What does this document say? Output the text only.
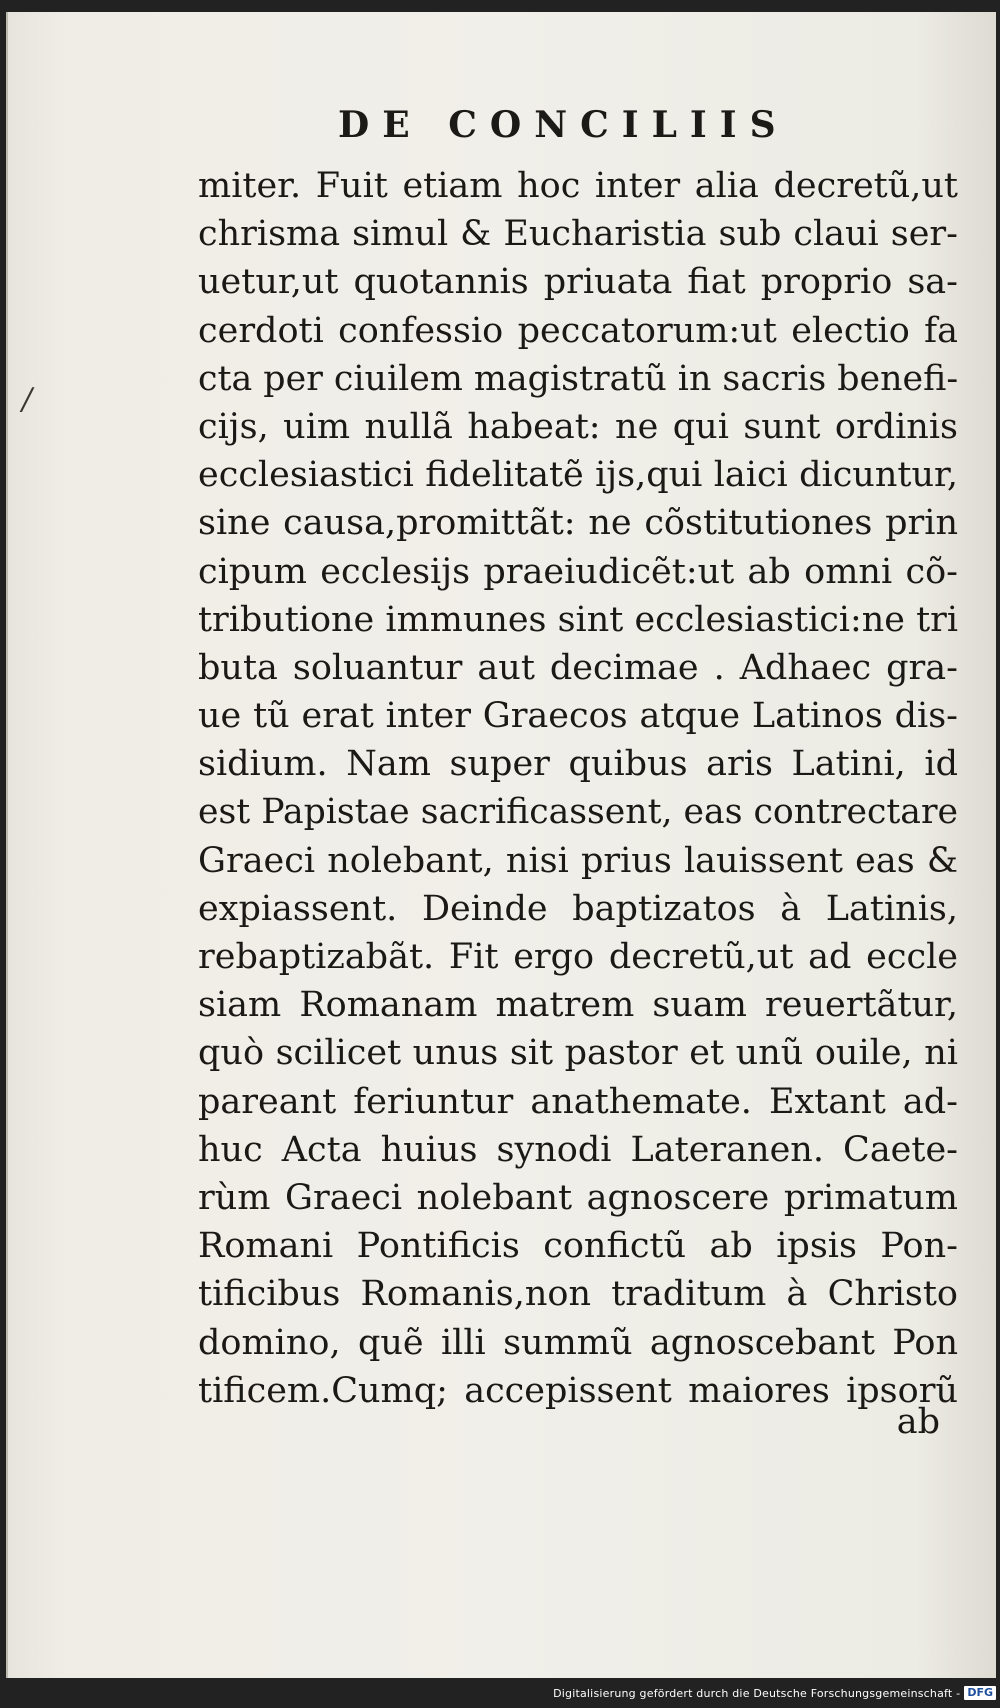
/
DE CONCILIIS
miter. Fuit etiam hoc inter alia decretũ,ut
chrisma simul & Eucharistia sub claui ser-
uetur,ut quotannis priuata fiat proprio sa-
cerdoti confessio peccatorum:ut electio fa
cta per ciuilem magistratũ in sacris benefi-
cijs, uim nullã habeat: ne qui sunt ordinis
ecclesiastici fidelitatẽ ijs,qui laici dicuntur,
sine causa,promittãt: ne cõstitutiones prin
cipum ecclesijs praeiudicẽt:ut ab omni cõ-
tributione immunes sint ecclesiastici:ne tri
buta soluantur aut decimae . Adhaec gra-
ue tũ erat inter Graecos atque Latinos dis-
sidium. Nam super quibus aris Latini, id
est Papistae sacrificassent, eas contrectare
Graeci nolebant, nisi prius lauissent eas &
expiassent. Deinde baptizatos à Latinis,
rebaptizabãt. Fit ergo decretũ,ut ad eccle
siam Romanam matrem suam reuertãtur,
quò scilicet unus sit pastor et unũ ouile, ni
pareant feriuntur anathemate. Extant ad-
huc Acta huius synodi Lateranen. Caete-
rùm Graeci nolebant agnoscere primatum
Romani Pontificis confictũ ab ipsis Pon-
tificibus Romanis,non traditum à Christo
domino, quẽ illi summũ agnoscebant Pon
tificem.Cumq; accepissent maiores ipsorũ
ab
Digitalisierung gefördert durch die Deutsche Forschungsgemeinschaft - DFG
